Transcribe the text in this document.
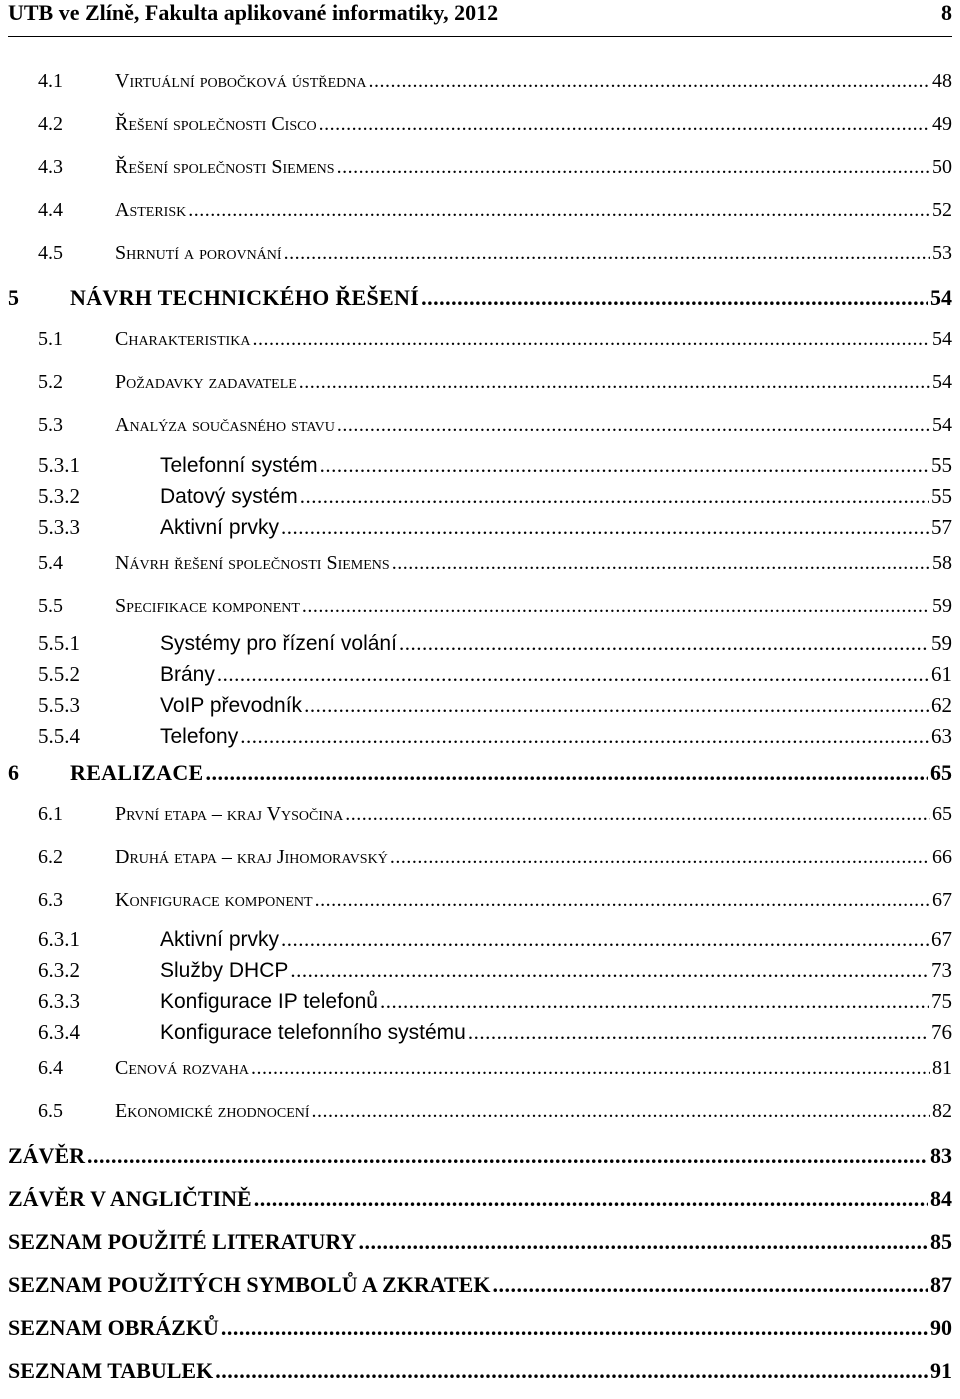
UTB ve Zlíně, Fakulta aplikované informatiky, 2012	8
4.1	Virtuální pobočková ústředna .....	48
4.2	Řešení společnosti Cisco .....	49
4.3	Řešení společnosti Siemens .....	50
4.4	Asterisk .....	52
4.5	Shrnutí a porovnání .....	53
5	NÁVRH TECHNICKÉHO ŘEŠENÍ .....	54
5.1	Charakteristika .....	54
5.2	Požadavky zadavatele .....	54
5.3	Analýza současného stavu .....	54
5.3.1	Telefonní systém .....	55
5.3.2	Datový systém .....	55
5.3.3	Aktivní prvky .....	57
5.4	Návrh řešení společnosti Siemens .....	58
5.5	Specifikace komponent .....	59
5.5.1	Systémy pro řízení volání .....	59
5.5.2	Brány .....	61
5.5.3	VoIP převodník .....	62
5.5.4	Telefony .....	63
6	REALIZACE .....	65
6.1	První etapa – kraj Vysočina .....	65
6.2	Druhá etapa – kraj Jihomoravský .....	66
6.3	Konfigurace komponent .....	67
6.3.1	Aktivní prvky .....	67
6.3.2	Služby DHCP .....	73
6.3.3	Konfigurace IP telefonů .....	75
6.3.4	Konfigurace telefonního systému .....	76
6.4	Cenová rozvaha .....	81
6.5	Ekonomické zhodnocení .....	82
ZÁVĚR .....	83
ZÁVĚR V ANGLIČTINĚ .....	84
SEZNAM POUŽITÉ LITERATURY .....	85
SEZNAM POUŽITÝCH SYMBOLŮ A ZKRATEK .....	87
SEZNAM OBRÁZKŮ .....	90
SEZNAM TABULEK .....	91
